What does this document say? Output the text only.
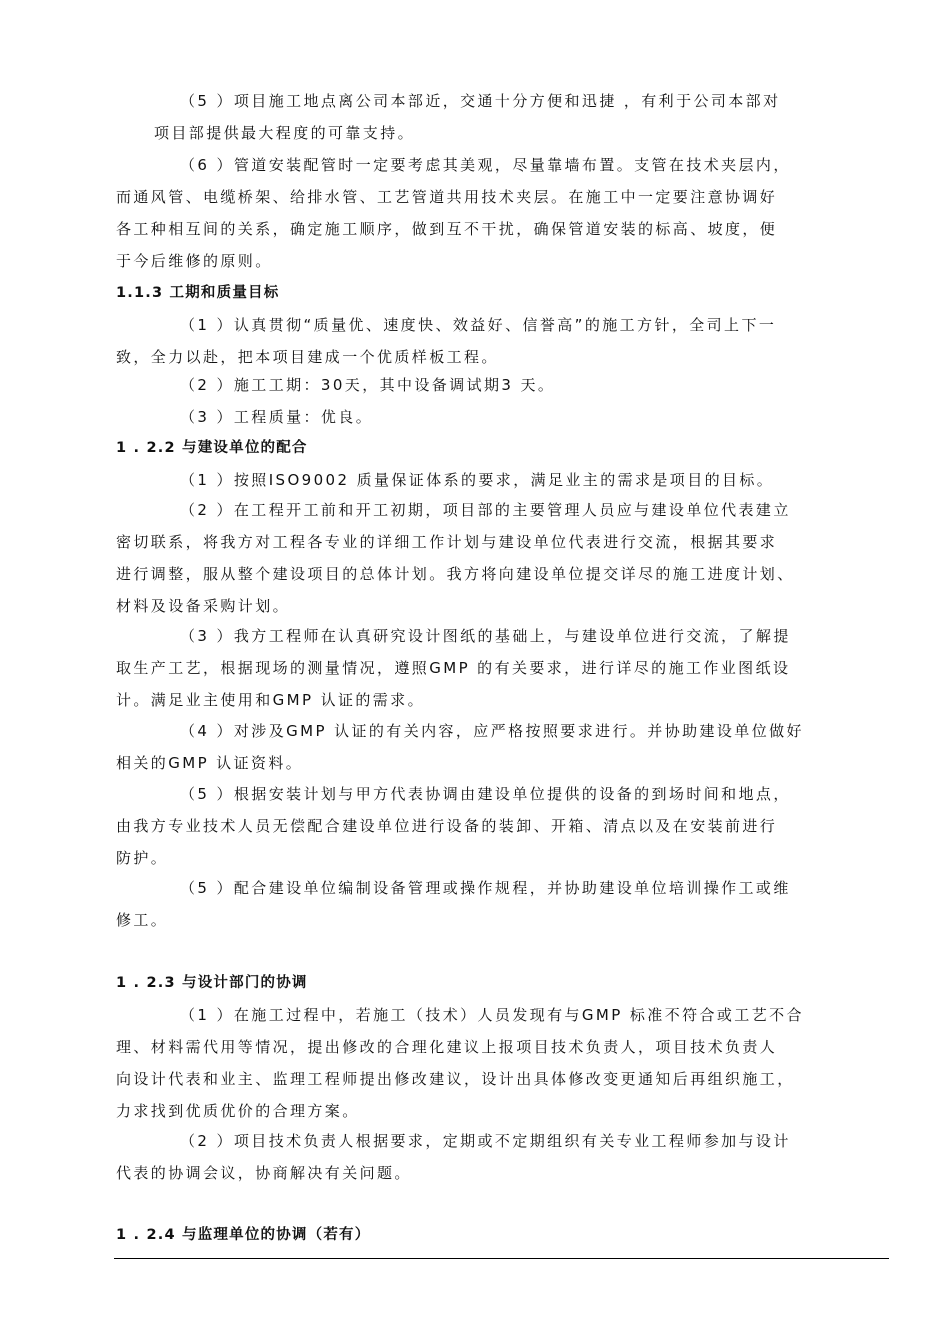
（5 ）项目施工地点离公司本部近，交通十分方便和迅捷 ，有利于公司本部对
项目部提供最大程度的可靠支持。
（6 ）管道安装配管时一定要考虑其美观，尽量靠墙布置。支管在技术夹层内，
而通风管、电缆桥架、给排水管、工艺管道共用技术夹层。在施工中一定要注意协调好
各工种相互间的关系，确定施工顺序，做到互不干扰，确保管道安装的标高、坡度，便
于今后维修的原则。
1.1.3 工期和质量目标
（1 ）认真贯彻“质量优、速度快、效益好、信誉高”的施工方针，全司上下一
致，全力以赴，把本项目建成一个优质样板工程。
（2 ）施工工期：30天，其中设备调试期3 天。
（3 ）工程质量：优良。
1 . 2.2 与建设单位的配合
（1 ）按照ISO9002 质量保证体系的要求，满足业主的需求是项目的目标。
（2 ）在工程开工前和开工初期，项目部的主要管理人员应与建设单位代表建立
密切联系，将我方对工程各专业的详细工作计划与建设单位代表进行交流，根据其要求
进行调整，服从整个建设项目的总体计划。我方将向建设单位提交详尽的施工进度计划、
材料及设备采购计划。
（3 ）我方工程师在认真研究设计图纸的基础上，与建设单位进行交流，了解提
取生产工艺，根据现场的测量情况，遵照GMP 的有关要求，进行详尽的施工作业图纸设
计。满足业主使用和GMP 认证的需求。
（4 ）对涉及GMP 认证的有关内容，应严格按照要求进行。并协助建设单位做好
相关的GMP 认证资料。
（5 ）根据安装计划与甲方代表协调由建设单位提供的设备的到场时间和地点，
由我方专业技术人员无偿配合建设单位进行设备的装卸、开箱、清点以及在安装前进行
防护。
（5 ）配合建设单位编制设备管理或操作规程，并协助建设单位培训操作工或维
修工。
1 . 2.3 与设计部门的协调
（1 ）在施工过程中，若施工（技术）人员发现有与GMP 标准不符合或工艺不合
理、材料需代用等情况，提出修改的合理化建议上报项目技术负责人，项目技术负责人
向设计代表和业主、监理工程师提出修改建议，设计出具体修改变更通知后再组织施工，
力求找到优质优价的合理方案。
（2 ）项目技术负责人根据要求，定期或不定期组织有关专业工程师参加与设计
代表的协调会议，协商解决有关问题。
1 . 2.4 与监理单位的协调（若有）
